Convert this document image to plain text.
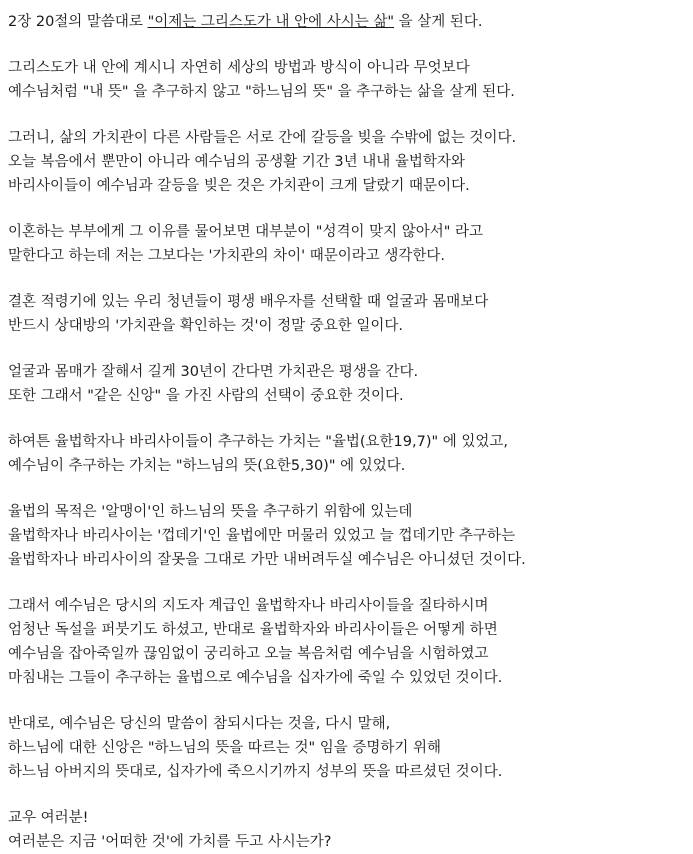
2장 20절의 말씀대로 "이제는 그리스도가 내 안에 사시는 삶" 을 살게 된다.
그리스도가 내 안에 계시니 자연히 세상의 방법과 방식이 아니라 무엇보다
예수님처럼 "내 뜻" 을 추구하지 않고 "하느님의 뜻" 을 추구하는 삶을 살게 된다.
그러니, 삶의 가치관이 다른 사람들은 서로 간에 갈등을 빚을 수밖에 없는 것이다.
오늘 복음에서 뿐만이 아니라 예수님의 공생활 기간 3년 내내 율법학자와
바리사이들이 예수님과 갈등을 빚은 것은 가치관이 크게 달랐기 때문이다.
이혼하는 부부에게 그 이유를 물어보면 대부분이 "성격이 맞지 않아서" 라고
말한다고 하는데 저는 그보다는 '가치관의 차이' 때문이라고 생각한다.
결혼 적령기에 있는 우리 청년들이 평생 배우자를 선택할 때 얼굴과 몸매보다
반드시 상대방의 '가치관을 확인하는 것'이 정말 중요한 일이다.
얼굴과 몸매가 잘해서 길게 30년이 간다면 가치관은 평생을 간다.
또한 그래서 "같은 신앙" 을 가진 사람의 선택이 중요한 것이다.
하여튼 율법학자나 바리사이들이 추구하는 가치는 "율법(요한19,7)" 에 있었고,
예수님이 추구하는 가치는 "하느님의 뜻(요한5,30)" 에 있었다.
율법의 목적은 '알맹이'인 하느님의 뜻을 추구하기 위함에 있는데
율법학자나 바리사이는 '껍데기'인 율법에만 머물러 있었고 늘 껍데기만 추구하는
율법학자나 바리사이의 잘못을 그대로 가만 내버려두실 예수님은 아니셨던 것이다.
그래서 예수님은 당시의 지도자 계급인 율법학자나 바리사이들을 질타하시며
엄청난 독설을 퍼붓기도 하셨고, 반대로 율법학자와 바리사이들은 어떻게 하면
예수님을 잡아죽일까 끊임없이 궁리하고 오늘 복음처럼 예수님을 시험하였고
마침내는 그들이 추구하는 율법으로 예수님을 십자가에 죽일 수 있었던 것이다.
반대로, 예수님은 당신의 말씀이 참되시다는 것을, 다시 말해,
하느님에 대한 신앙은 "하느님의 뜻을 따르는 것" 임을 증명하기 위해
하느님 아버지의 뜻대로, 십자가에 죽으시기까지 성부의 뜻을 따르셨던 것이다.
교우 여러분!
여러분은 지금 '어떠한 것'에 가치를 두고 사시는가?
